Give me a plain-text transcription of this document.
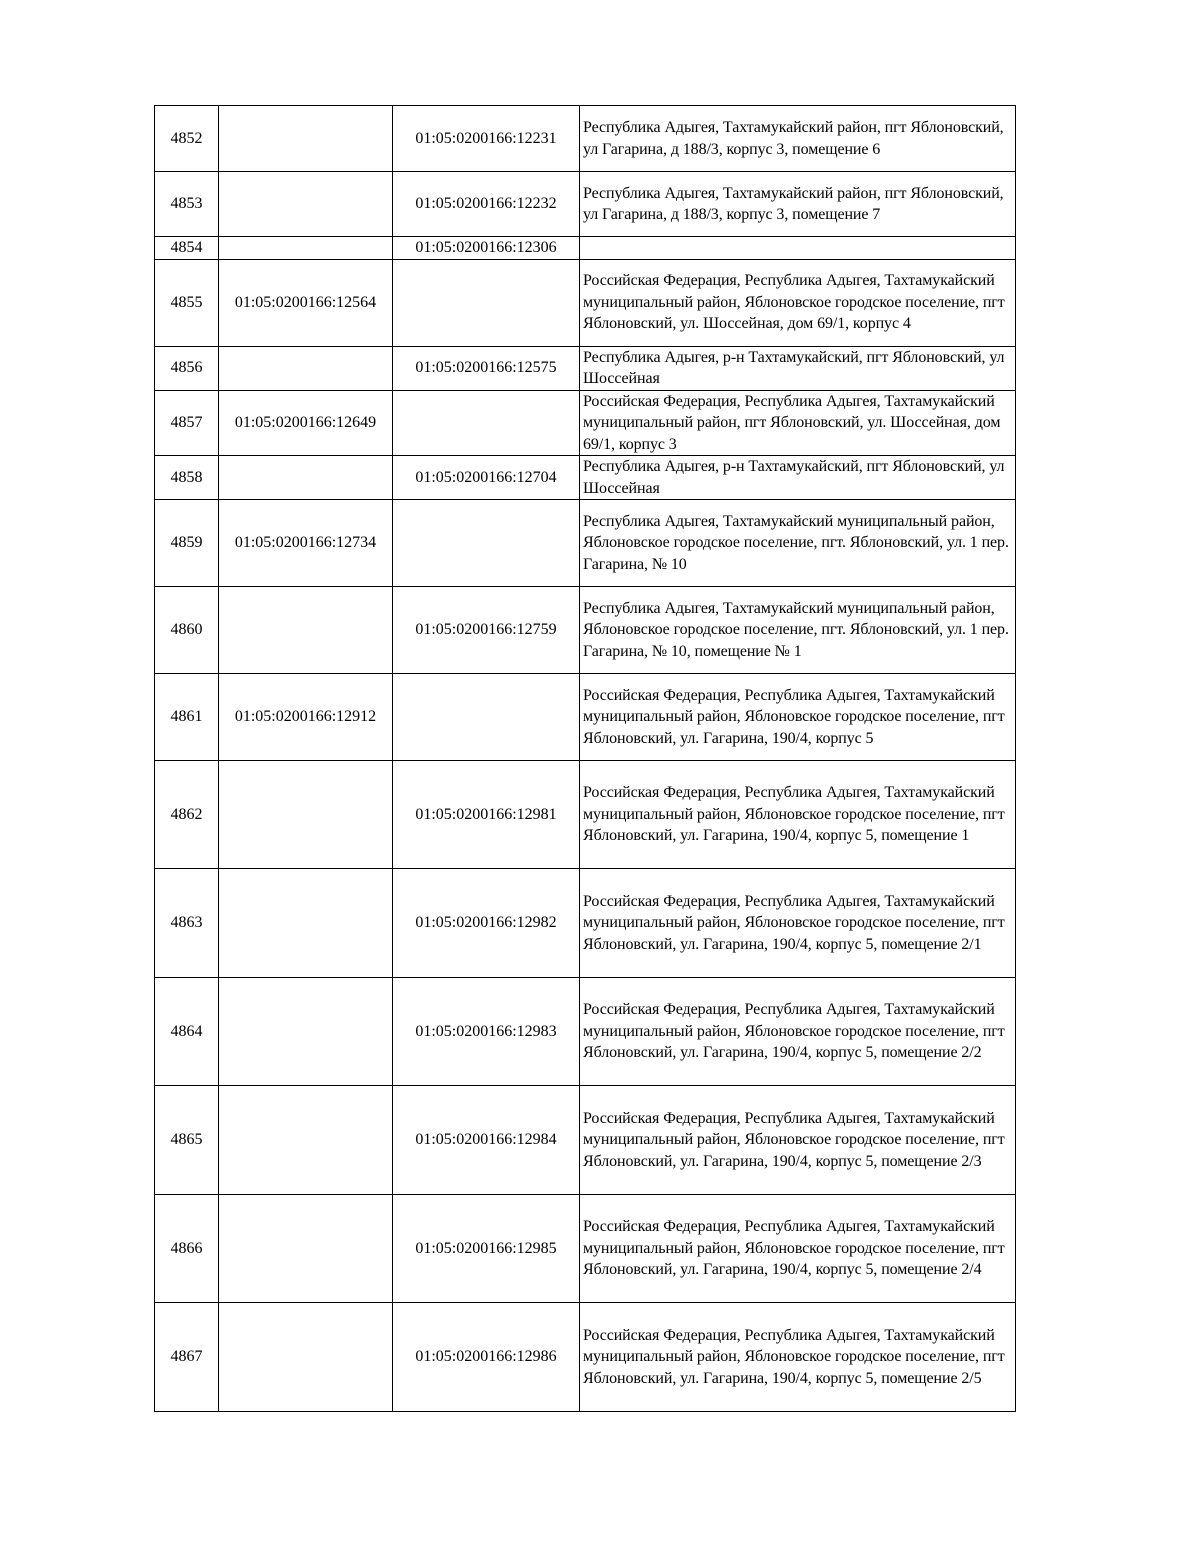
4852		01:05:0200166:12231	Республика Адыгея, Тахтамукайский район, пгт Яблоновский, ул Гагарина, д 188/3, корпус 3, помещение 6
4853		01:05:0200166:12232	Республика Адыгея, Тахтамукайский район, пгт Яблоновский, ул Гагарина, д 188/3, корпус 3, помещение 7
4854		01:05:0200166:12306	
4855	01:05:0200166:12564		Российская Федерация, Республика Адыгея, Тахтамукайский муниципальный район, Яблоновское городское поселение, пгт Яблоновский, ул. Шоссейная, дом 69/1, корпус 4
4856		01:05:0200166:12575	Республика Адыгея, р-н Тахтамукайский, пгт Яблоновский, ул Шоссейная
4857	01:05:0200166:12649		Российская Федерация, Республика Адыгея, Тахтамукайский муниципальный район, пгт Яблоновский, ул. Шоссейная, дом 69/1, корпус 3
4858		01:05:0200166:12704	Республика Адыгея, р-н Тахтамукайский, пгт Яблоновский, ул Шоссейная
4859	01:05:0200166:12734		Республика Адыгея, Тахтамукайский муниципальный район, Яблоновское городское поселение, пгт. Яблоновский, ул. 1 пер. Гагарина, № 10
4860		01:05:0200166:12759	Республика Адыгея, Тахтамукайский муниципальный район, Яблоновское городское поселение, пгт. Яблоновский, ул. 1 пер. Гагарина, № 10, помещение № 1
4861	01:05:0200166:12912		Российская Федерация, Республика Адыгея, Тахтамукайский муниципальный район, Яблоновское городское поселение, пгт Яблоновский, ул. Гагарина, 190/4, корпус 5
4862		01:05:0200166:12981	Российская Федерация, Республика Адыгея, Тахтамукайский муниципальный район, Яблоновское городское поселение, пгт Яблоновский, ул. Гагарина, 190/4, корпус 5, помещение 1
4863		01:05:0200166:12982	Российская Федерация, Республика Адыгея, Тахтамукайский муниципальный район, Яблоновское городское поселение, пгт Яблоновский, ул. Гагарина, 190/4, корпус 5, помещение 2/1
4864		01:05:0200166:12983	Российская Федерация, Республика Адыгея, Тахтамукайский муниципальный район, Яблоновское городское поселение, пгт Яблоновский, ул. Гагарина, 190/4, корпус 5, помещение 2/2
4865		01:05:0200166:12984	Российская Федерация, Республика Адыгея, Тахтамукайский муниципальный район, Яблоновское городское поселение, пгт Яблоновский, ул. Гагарина, 190/4, корпус 5, помещение 2/3
4866		01:05:0200166:12985	Российская Федерация, Республика Адыгея, Тахтамукайский муниципальный район, Яблоновское городское поселение, пгт Яблоновский, ул. Гагарина, 190/4, корпус 5, помещение 2/4
4867		01:05:0200166:12986	Российская Федерация, Республика Адыгея, Тахтамукайский муниципальный район, Яблоновское городское поселение, пгт Яблоновский, ул. Гагарина, 190/4, корпус 5, помещение 2/5
